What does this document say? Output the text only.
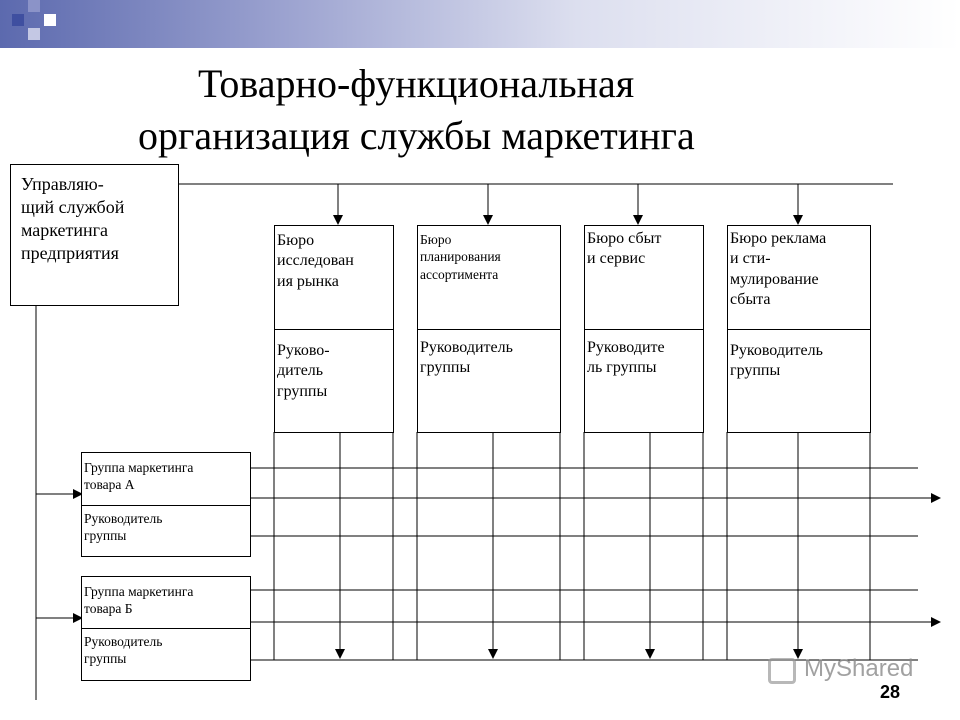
Товарно-функциональная
организация службы маркетинга
Управляю-
щий службой
маркетинга
предприятия
Бюро
исследован
ия рынка
Руково-
дитель
группы
Бюро
планирования
ассортимента
Руководитель
группы
Бюро сбыт
и сервис
Руководите
ль группы
Бюро реклама
и сти-
мулирование
сбыта
Руководитель
группы
Группа маркетинга
товара А
Руководитель
группы
Группа маркетинга
товара Б
Руководитель
группы	MyShared
28
